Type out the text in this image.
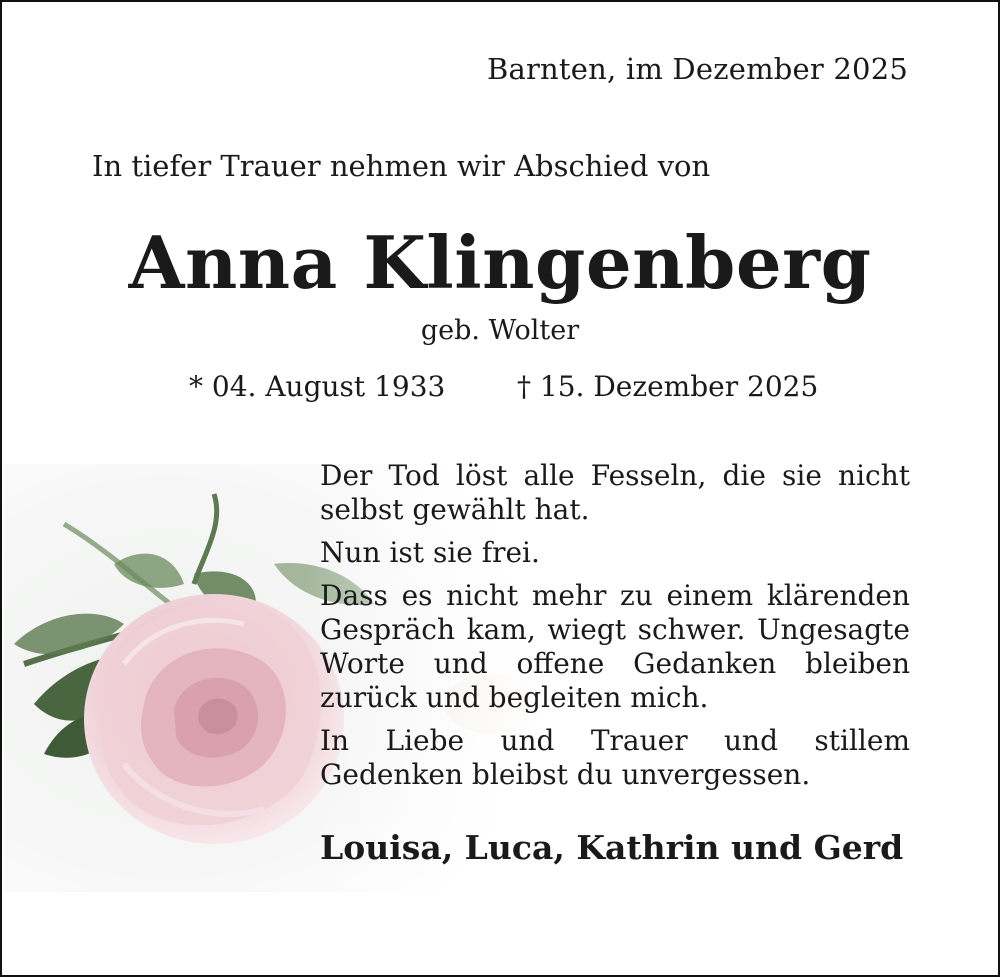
Barnten, im Dezember 2025
In tiefer Trauer nehmen wir Abschied von
Anna Klingenberg
geb. Wolter
* 04. August 1933	† 15. Dezember 2025

Der Tod löst alle Fesseln, die sie nicht selbst gewählt hat.

Nun ist sie frei.

Dass es nicht mehr zu einem klärenden Gespräch kam, wiegt schwer. Ungesagte Worte und offene Gedanken bleiben zurück und begleiten mich.

In Liebe und Trauer und stillem Gedenken bleibst du unvergessen.

Louisa, Luca, Kathrin und Gerd
